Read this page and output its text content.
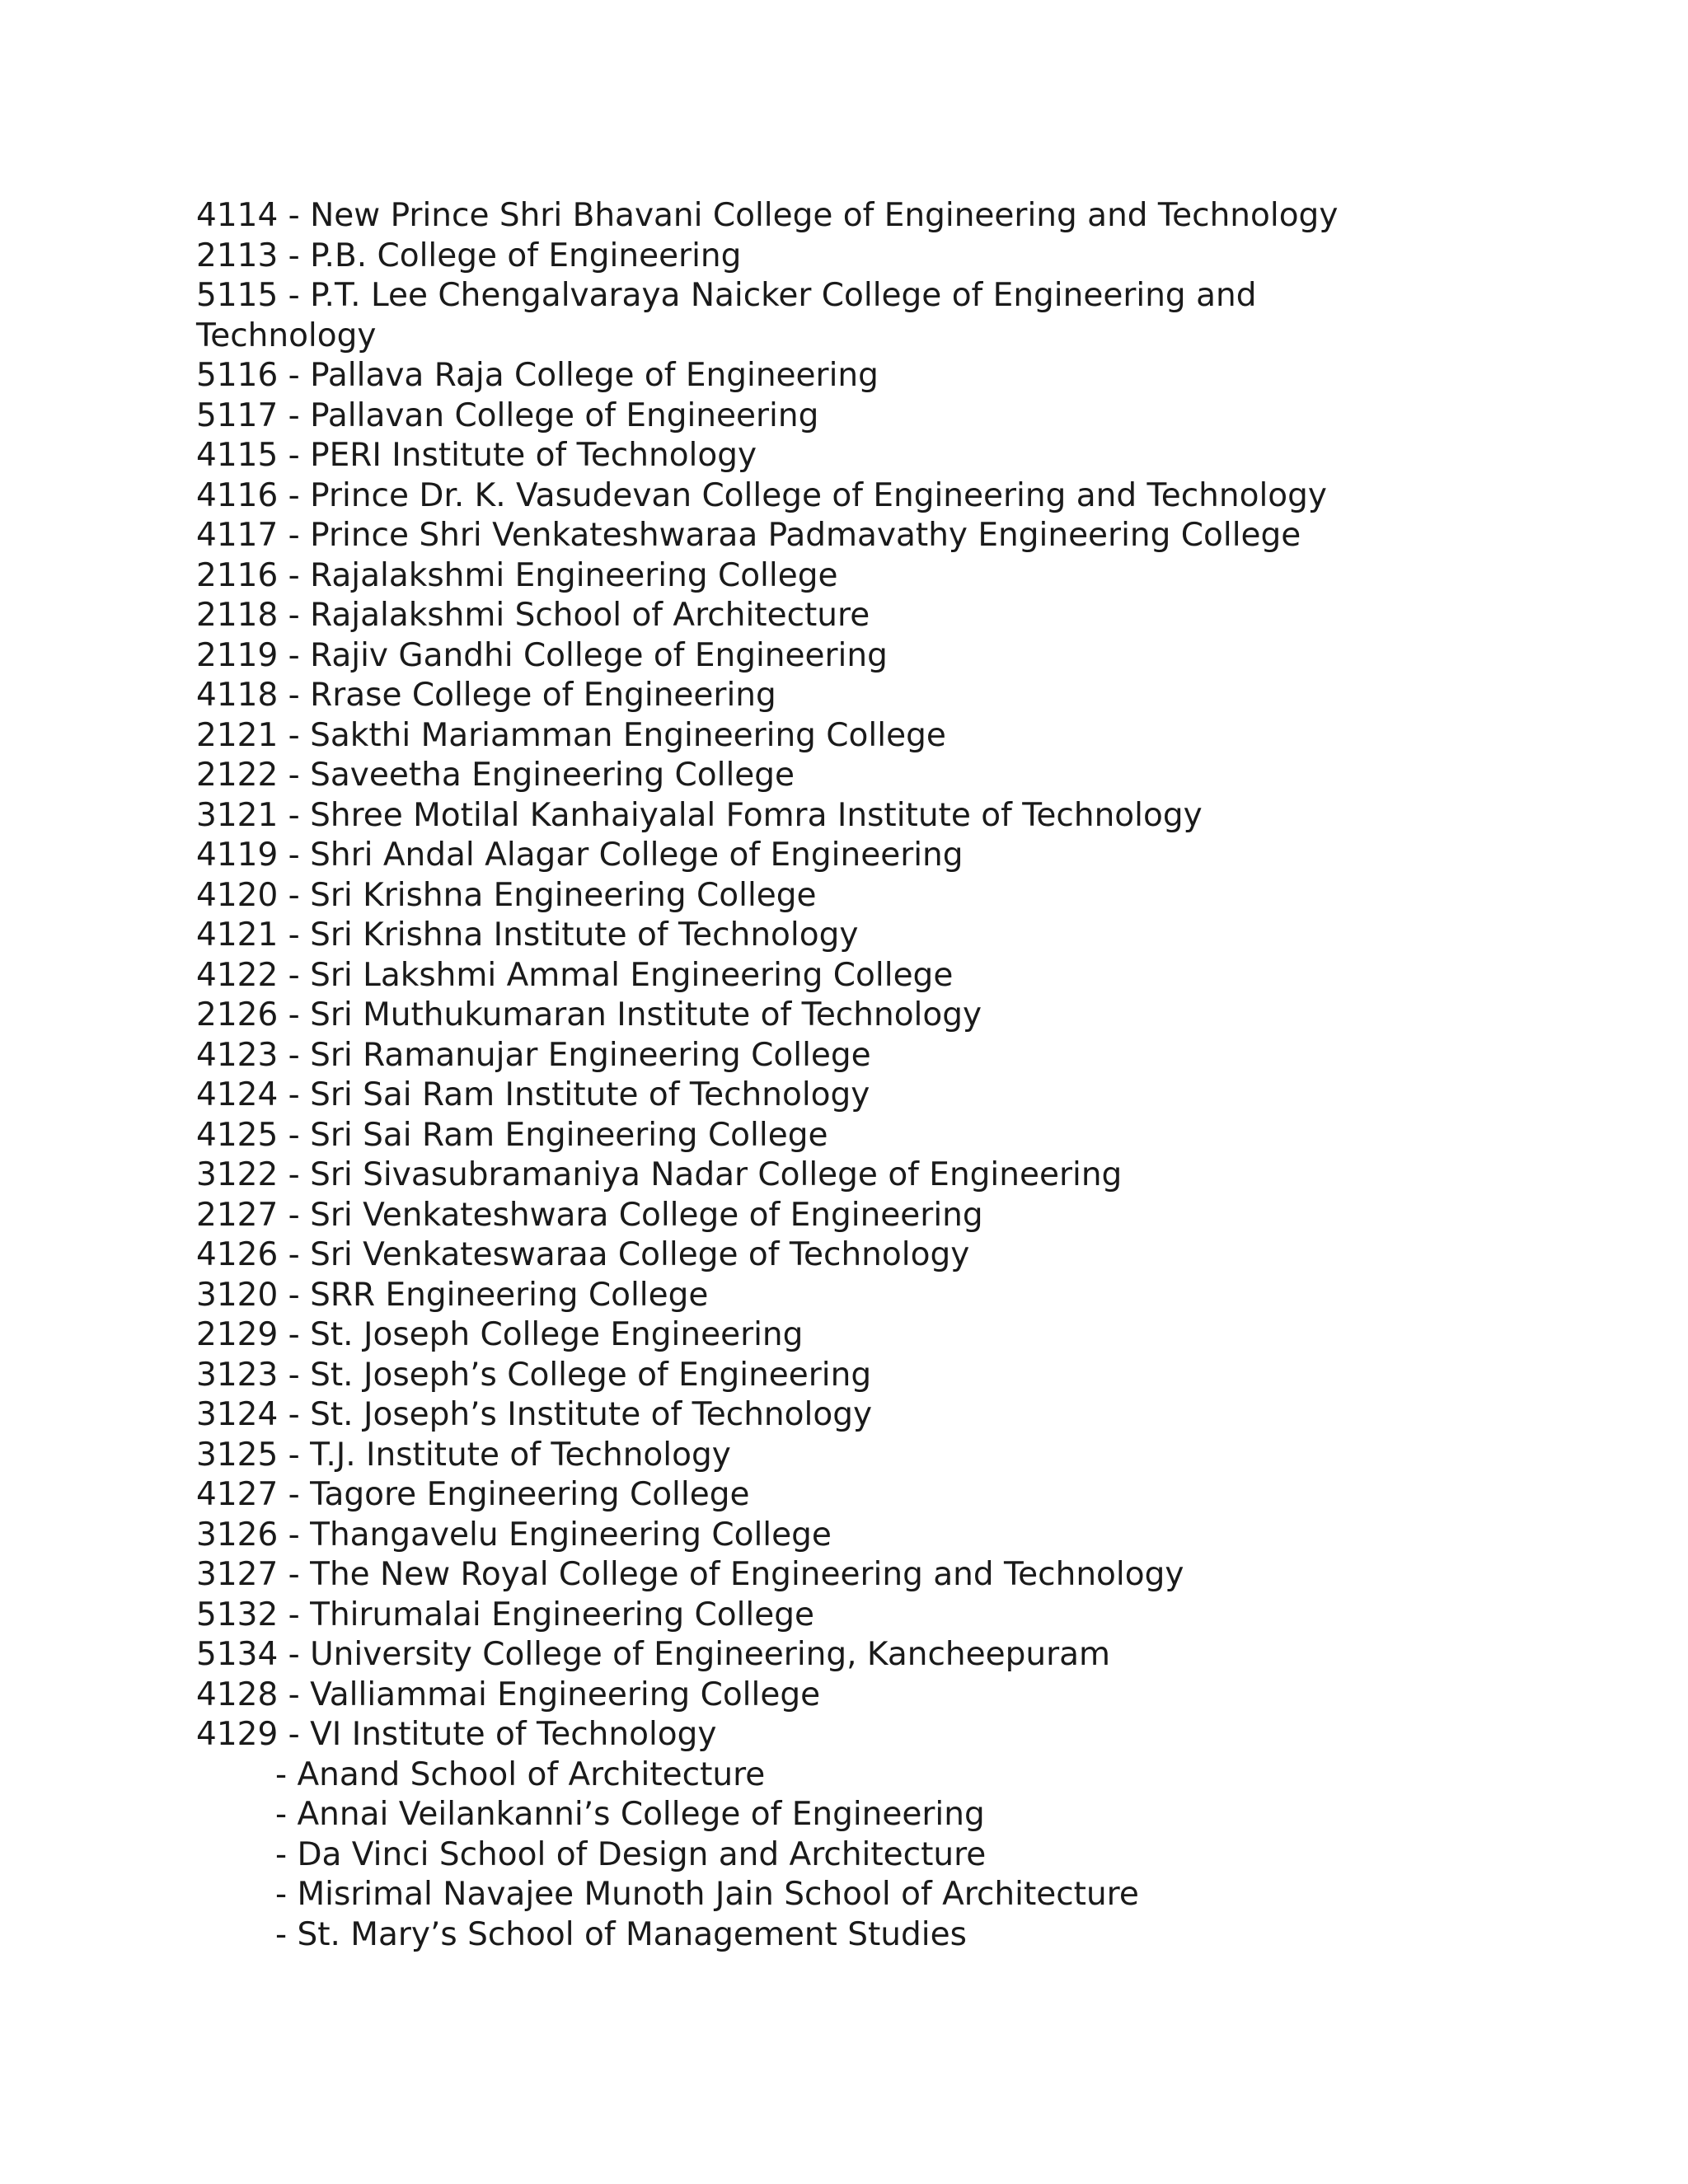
4114 - New Prince Shri Bhavani College of Engineering and Technology
2113 - P.B. College of Engineering
5115 - P.T. Lee Chengalvaraya Naicker College of Engineering and Technology
5116 - Pallava Raja College of Engineering
5117 - Pallavan College of Engineering
4115 - PERI Institute of Technology
4116 - Prince Dr. K. Vasudevan College of Engineering and Technology
4117 - Prince Shri Venkateshwaraa Padmavathy Engineering College
2116 - Rajalakshmi Engineering College
2118 - Rajalakshmi School of Architecture
2119 - Rajiv Gandhi College of Engineering
4118 - Rrase College of Engineering
2121 - Sakthi Mariamman Engineering College
2122 - Saveetha Engineering College
3121 - Shree Motilal Kanhaiyalal Fomra Institute of Technology
4119 - Shri Andal Alagar College of Engineering
4120 - Sri Krishna Engineering College
4121 - Sri Krishna Institute of Technology
4122 - Sri Lakshmi Ammal Engineering College
2126 - Sri Muthukumaran Institute of Technology
4123 - Sri Ramanujar Engineering College
4124 - Sri Sai Ram Institute of Technology
4125 - Sri Sai Ram Engineering College
3122 - Sri Sivasubramaniya Nadar College of Engineering
2127 - Sri Venkateshwara College of Engineering
4126 - Sri Venkateswaraa College of Technology
3120 - SRR Engineering College
2129 - St. Joseph College Engineering
3123 - St. Joseph’s College of Engineering
3124 - St. Joseph’s Institute of Technology
3125 - T.J. Institute of Technology
4127 - Tagore Engineering College
3126 - Thangavelu Engineering College
3127 - The New Royal College of Engineering and Technology
5132 - Thirumalai Engineering College
5134 - University College of Engineering, Kancheepuram
4128 - Valliammai Engineering College
4129 - VI Institute of Technology
- Anand School of Architecture
- Annai Veilankanni’s College of Engineering
- Da Vinci School of Design and Architecture
- Misrimal Navajee Munoth Jain School of Architecture
- St. Mary’s School of Management Studies
